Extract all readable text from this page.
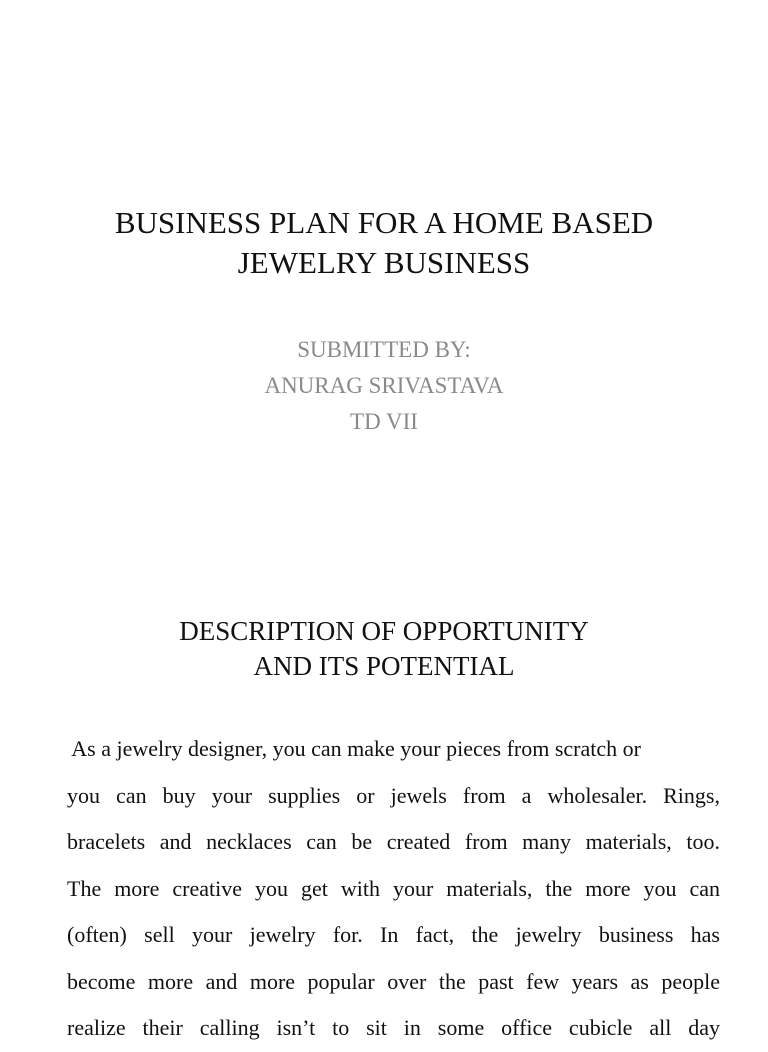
BUSINESS PLAN FOR A HOME BASED
JEWELRY BUSINESS
SUBMITTED BY:
ANURAG SRIVASTAVA
TD VII
DESCRIPTION OF OPPORTUNITY
AND ITS POTENTIAL

As a jewelry designer, you can make your pieces from scratch or
you can buy your supplies or jewels from a wholesaler. Rings,
bracelets and necklaces can be created from many materials, too.
The more creative you get with your materials, the more you can
(often) sell your jewelry for. In fact, the jewelry business has
become more and more popular over the past few years as people
realize their calling isn’t to sit in some office cubicle all day
